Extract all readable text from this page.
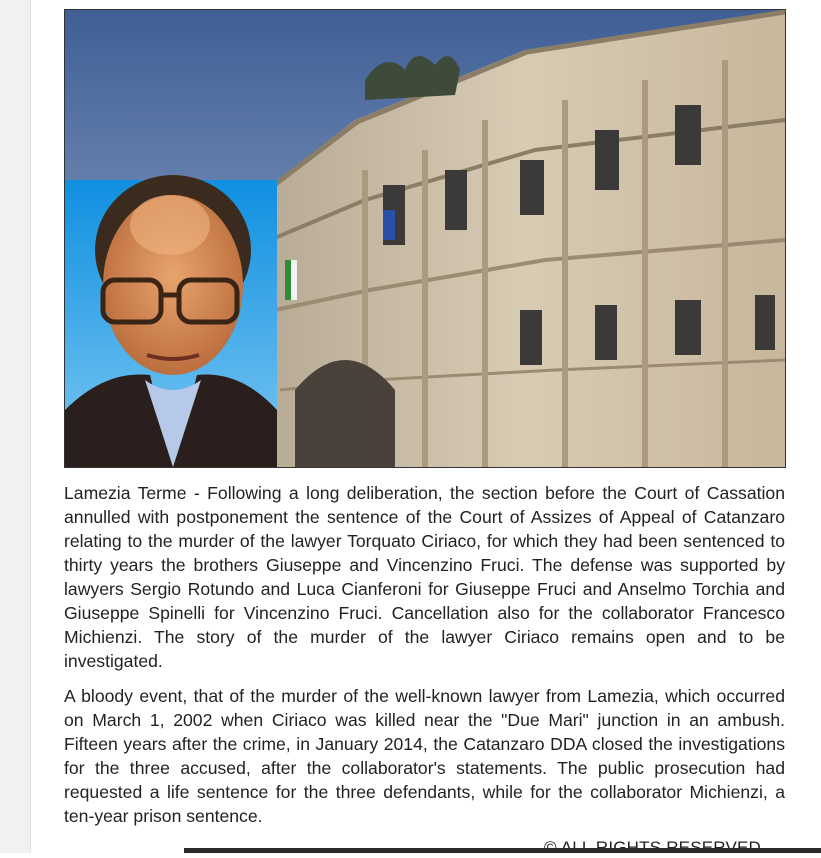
Lamezia Terme - Following a long deliberation, the section before the Court of Cassation annulled with postponement the sentence of the Court of Assizes of Appeal of Catanzaro relating to the murder of the lawyer Torquato Ciriaco, for which they had been sentenced to thirty years the brothers Giuseppe and Vincenzino Fruci. The defense was supported by lawyers Sergio Rotundo and Luca Cianferoni for Giuseppe Fruci and Anselmo Torchia and Giuseppe Spinelli for Vincenzino Fruci. Cancellation also for the collaborator Francesco Michienzi. The story of the murder of the lawyer Ciriaco remains open and to be investigated.

A bloody event, that of the murder of the well-known lawyer from Lamezia, which occurred on March 1, 2002 when Ciriaco was killed near the "Due Mari" junction in an ambush. Fifteen years after the crime, in January 2014, the Catanzaro DDA closed the investigations for the three accused, after the collaborator's statements. The public prosecution had requested a life sentence for the three defendants, while for the collaborator Michienzi, a ten-year prison sentence.
